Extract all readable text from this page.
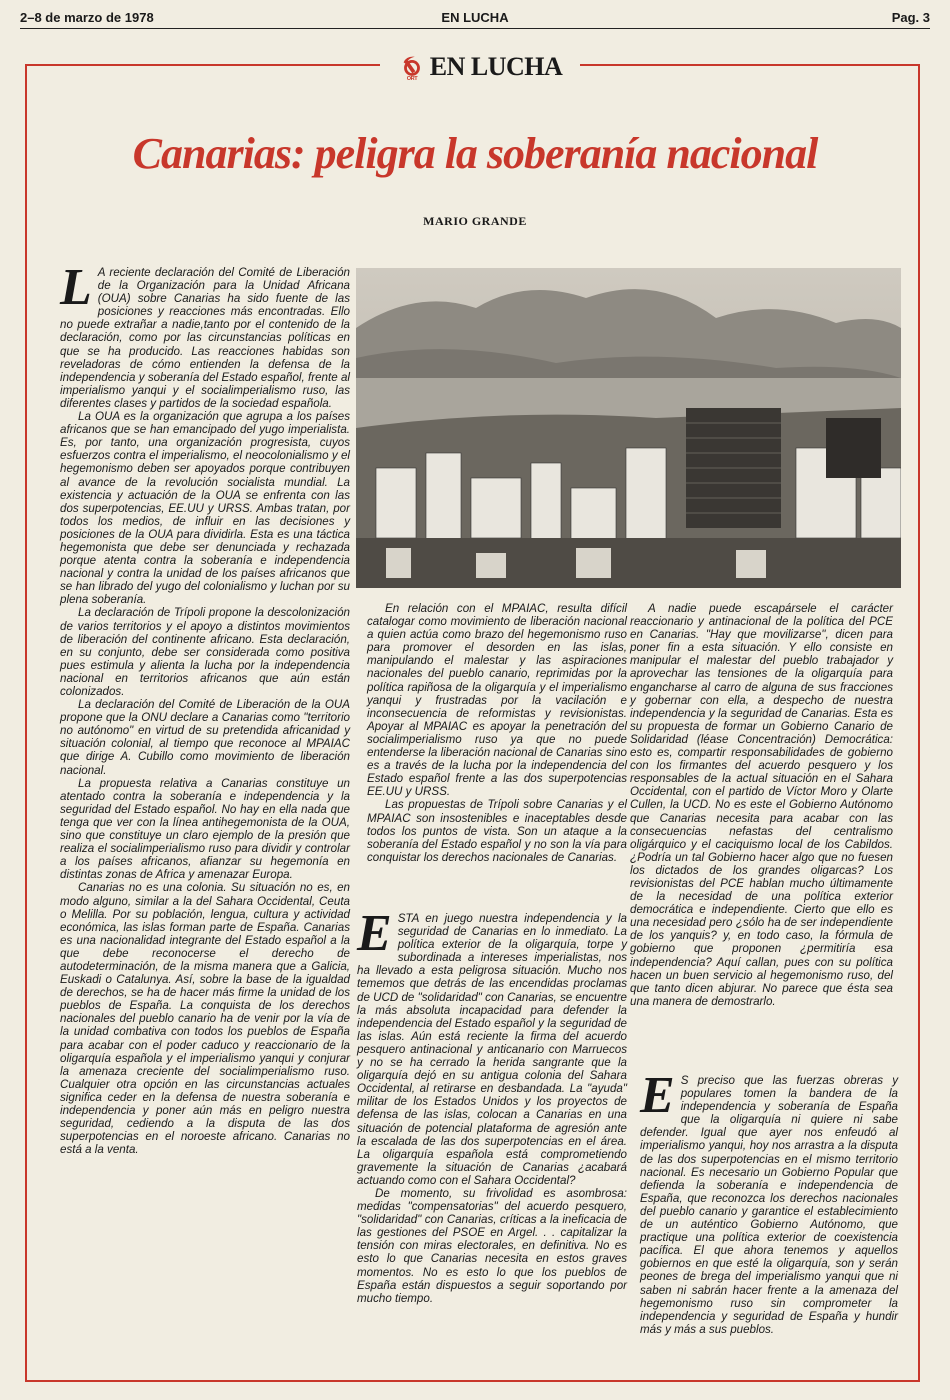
2–8 de marzo de 1978	EN LUCHA	Pag. 3
ORT EN LUCHA
Canarias: peligra la soberanía nacional
MARIO GRANDE

L A reciente declaración del Comité de Liberación de la Organización para la Unidad Africana (OUA) sobre Canarias ha sido fuente de las posiciones y reacciones más encontradas. Ello no puede extrañar a nadie,tanto por el contenido de la declaración, como por las circunstancias políticas en que se ha producido. Las reacciones habidas son reveladoras de cómo entienden la defensa de la independencia y soberanía del Estado español, frente al imperialismo yanqui y el socialimperialismo ruso, las diferentes clases y partidos de la sociedad española.

La OUA es la organización que agrupa a los países africanos que se han emancipado del yugo imperialista. Es, por tanto, una organización progresista, cuyos esfuerzos contra el imperialismo, el neocolonialismo y el hegemonismo deben ser apoyados porque contribuyen al avance de la revolución socialista mundial. La existencia y actuación de la OUA se enfrenta con las dos superpotencias, EE.UU y URSS. Ambas tratan, por todos los medios, de influir en las decisiones y posiciones de la OUA para dividirla. Esta es una táctica hegemonista que debe ser denunciada y rechazada porque atenta contra la soberanía e independencia nacional y contra la unidad de los países africanos que se han librado del yugo del colonialismo y luchan por su plena soberanía.

La declaración de Trípoli propone la descolonización de varios territorios y el apoyo a distintos movimientos de liberación del continente africano. Esta declaración, en su conjunto, debe ser considerada como positiva pues estimula y alienta la lucha por la independencia nacional en territorios africanos que aún están colonizados.

La declaración del Comité de Liberación de la OUA propone que la ONU declare a Canarias como "territorio no autónomo" en virtud de su pretendida africanidad y situación colonial, al tiempo que reconoce al MPAIAC que dirige A. Cubillo como movimiento de liberación nacional.

La propuesta relativa a Canarias constituye un atentado contra la soberanía e independencia y la seguridad del Estado español. No hay en ella nada que tenga que ver con la línea antihegemonista de la OUA, sino que constituye un claro ejemplo de la presión que realiza el socialimperialismo ruso para dividir y controlar a los países africanos, afianzar su hegemonía en distintas zonas de Africa y amenazar Europa.

Canarias no es una colonia. Su situación no es, en modo alguno, similar a la del Sahara Occidental, Ceuta o Melilla. Por su población, lengua, cultura y actividad económica, las islas forman parte de España. Canarias es una nacionalidad integrante del Estado español a la que debe reconocerse el derecho de autodeterminación, de la misma manera que a Galicia, Euskadi o Catalunya. Así, sobre la base de la igualdad de derechos, se ha de hacer más firme la unidad de los pueblos de España. La conquista de los derechos nacionales del pueblo canario ha de venir por la vía de la unidad combativa con todos los pueblos de España para acabar con el poder caduco y reaccionario de la oligarquía española y el imperialismo yanqui y conjurar la amenaza creciente del socialimperialismo ruso. Cualquier otra opción en las circunstancias actuales significa ceder en la defensa de nuestra soberanía e independencia y poner aún más en peligro nuestra seguridad, cediendo a la disputa de las dos superpotencias en el noroeste africano. Canarias no está a la venta.

En relación con el MPAIAC, resulta difícil catalogar como movimiento de liberación nacional a quien actúa como brazo del hegemonismo ruso para promover el desorden en las islas, manipulando el malestar y las aspiraciones nacionales del pueblo canario, reprimidas por la política rapiñosa de la oligarquía y el imperialismo yanqui y frustradas por la vacilación e inconsecuencia de reformistas y revisionistas. Apoyar al MPAIAC es apoyar la penetración del socialimperialismo ruso ya que no puede entenderse la liberación nacional de Canarias sino es a través de la lucha por la independencia del Estado español frente a las dos superpotencias EE.UU y URSS.

Las propuestas de Trípoli sobre Canarias y el MPAIAC son insostenibles e inaceptables desde todos los puntos de vista. Son un ataque a la soberanía del Estado español y no son la vía para conquistar los derechos nacionales de Canarias.

ESTA en juego nuestra independencia y la seguridad de Canarias en lo inmediato. La política exterior de la oligarquía, torpe y subordinada a intereses imperialistas, nos ha llevado a esta peligrosa situación. Mucho nos tememos que detrás de las encendidas proclamas de UCD de "solidaridad" con Canarias, se encuentre la más absoluta incapacidad para defender la independencia del Estado español y la seguridad de las islas. Aún está reciente la firma del acuerdo pesquero antinacional y anticanario con Marruecos y no se ha cerrado la herida sangrante que la oligarquía dejó en su antigua colonia del Sahara Occidental, al retirarse en desbandada. La "ayuda" militar de los Estados Unidos y los proyectos de defensa de las islas, colocan a Canarias en una situación de potencial plataforma de agresión ante la escalada de las dos superpotencias en el área. La oligarquía española está comprometiendo gravemente la situación de Canarias ¿acabará actuando como con el Sahara Occidental?

De momento, su frivolidad es asombrosa: medidas "compensatorias" del acuerdo pesquero, "solidaridad" con Canarias, críticas a la ineficacia de las gestiones del PSOE en Argel. . . capitalizar la tensión con miras electorales, en definitiva. No es esto lo que Canarias necesita en estos graves momentos. No es esto lo que los pueblos de España están dispuestos a seguir soportando por mucho tiempo.

A nadie puede escapársele el carácter reaccionario y antinacional de la política del PCE en Canarias. "Hay que movilizarse", dicen para poner fin a esta situación. Y ello consiste en manipular el malestar del pueblo trabajador y aprovechar las tensiones de la oligarquía para engancharse al carro de alguna de sus fracciones y gobernar con ella, a despecho de nuestra independencia y la seguridad de Canarias. Esta es su propuesta de formar un Gobierno Canario de Solidaridad (léase Concentración) Democrática: esto es, compartir responsabilidades de gobierno con los firmantes del acuerdo pesquero y los responsables de la actual situación en el Sahara Occidental, con el partido de Víctor Moro y Olarte Cullen, la UCD. No es este el Gobierno Autónomo que Canarias necesita para acabar con las consecuencias nefastas del centralismo oligárquico y el caciquismo local de los Cabildos. ¿Podría un tal Gobierno hacer algo que no fuesen los dictados de los grandes oligarcas? Los revisionistas del PCE hablan mucho últimamente de la necesidad de una política exterior democrática e independiente. Cierto que ello es una necesidad pero ¿sólo ha de ser independiente de los yanquis? y, en todo caso, la fórmula de gobierno que proponen ¿permitiría esa independencia? Aquí callan, pues con su política hacen un buen servicio al hegemonismo ruso, del que tanto dicen abjurar. No parece que ésta sea una manera de demostrarlo.

E S preciso que las fuerzas obreras y populares tomen la bandera de la independencia y soberanía de España que la oligarquía ni quiere ni sabe defender. Igual que ayer nos enfeudó al imperialismo yanqui, hoy nos arrastra a la disputa de las dos superpotencias en el mismo territorio nacional. Es necesario un Gobierno Popular que defienda la soberanía e independencia de España, que reconozca los derechos nacionales del pueblo canario y garantice el establecimiento de un auténtico Gobierno Autónomo, que practique una política exterior de coexistencia pacífica. El que ahora tenemos y aquellos gobiernos en que esté la oligarquía, son y serán peones de brega del imperialismo yanqui que ni saben ni sabrán hacer frente a la amenaza del hegemonismo ruso sin comprometer la independencia y seguridad de España y hundir más y más a sus pueblos.
